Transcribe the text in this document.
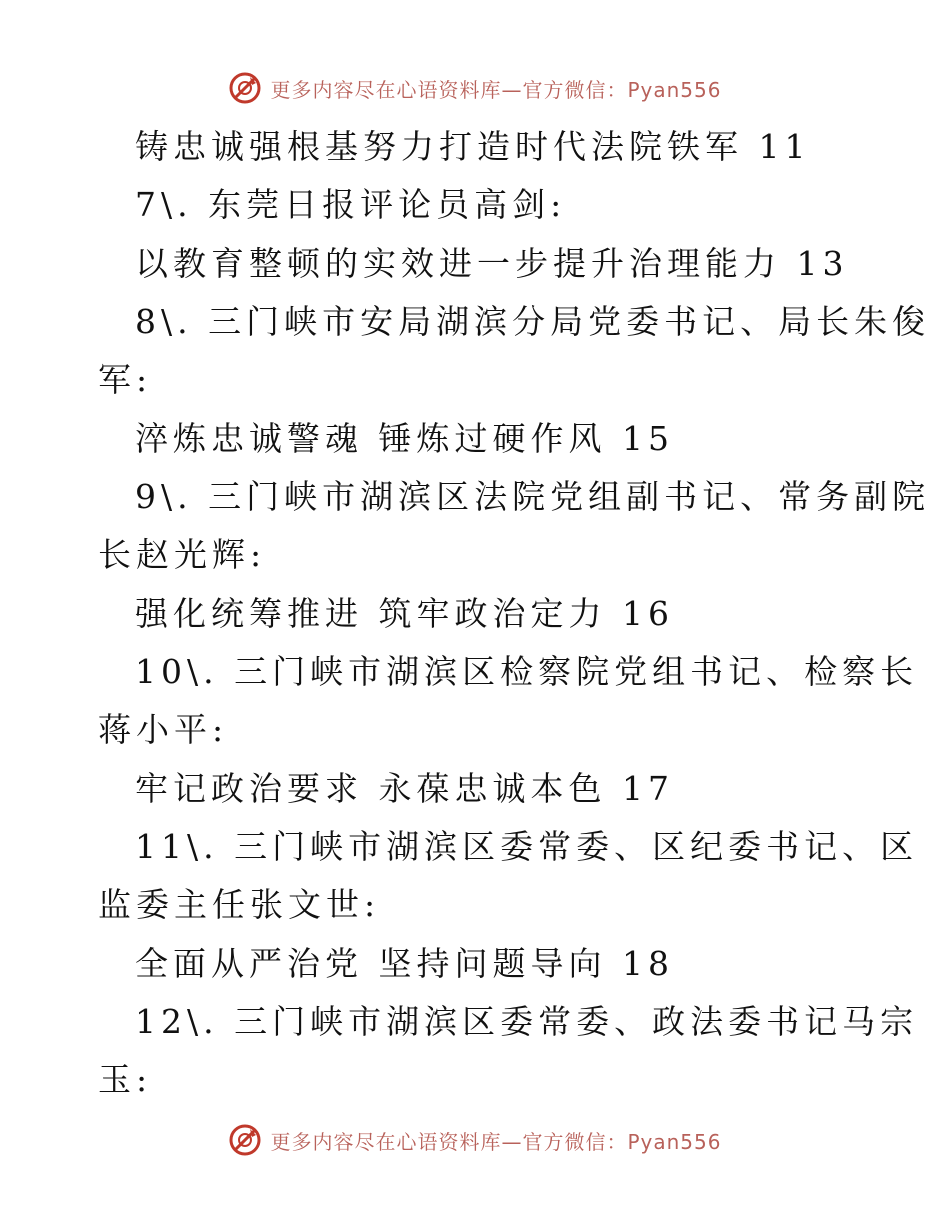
更多内容尽在心语资料库—官方微信：Pyan556
铸忠诚强根基努力打造时代法院铁军 11
7\. 东莞日报评论员高剑:
以教育整顿的实效进一步提升治理能力 13
8\. 三门峡市安局湖滨分局党委书记、局长朱俊
军:
淬炼忠诚警魂 锤炼过硬作风 15
9\. 三门峡市湖滨区法院党组副书记、常务副院
长赵光辉:
强化统筹推进 筑牢政治定力 16
10\. 三门峡市湖滨区检察院党组书记、检察长
蒋小平:
牢记政治要求 永葆忠诚本色 17
11\. 三门峡市湖滨区委常委、区纪委书记、区
监委主任张文世:
全面从严治党 坚持问题导向 18
12\. 三门峡市湖滨区委常委、政法委书记马宗
玉:
更多内容尽在心语资料库—官方微信：Pyan556
